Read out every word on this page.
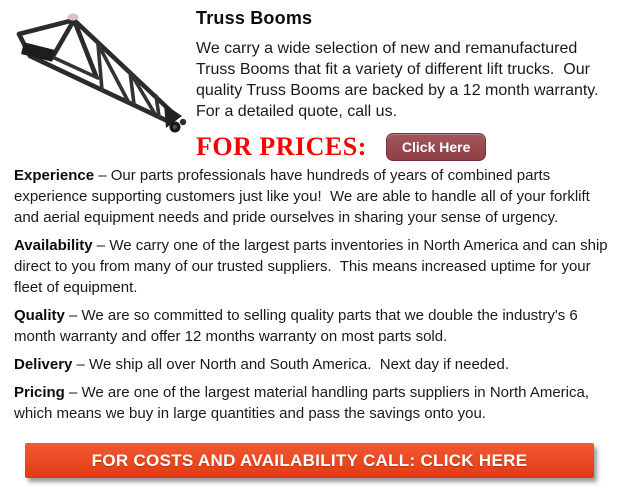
Truss Booms

We carry a wide selection of new and remanufactured Truss Booms that fit a variety of different lift trucks.  Our quality Truss Booms are backed by a 12 month warranty. For a detailed quote, call us.

FOR PRICES:	Click Here

Experience – Our parts professionals have hundreds of years of combined parts experience supporting customers just like you!  We are able to handle all of your forklift and aerial equipment needs and pride ourselves in sharing your sense of urgency.

Availability – We carry one of the largest parts inventories in North America and can ship direct to you from many of our trusted suppliers.  This means increased uptime for your fleet of equipment.

Quality – We are so committed to selling quality parts that we double the industry's 6 month warranty and offer 12 months warranty on most parts sold.

Delivery – We ship all over North and South America.  Next day if needed.

Pricing – We are one of the largest material handling parts suppliers in North America, which means we buy in large quantities and pass the savings onto you.

FOR COSTS AND AVAILABILITY CALL: CLICK HERE
